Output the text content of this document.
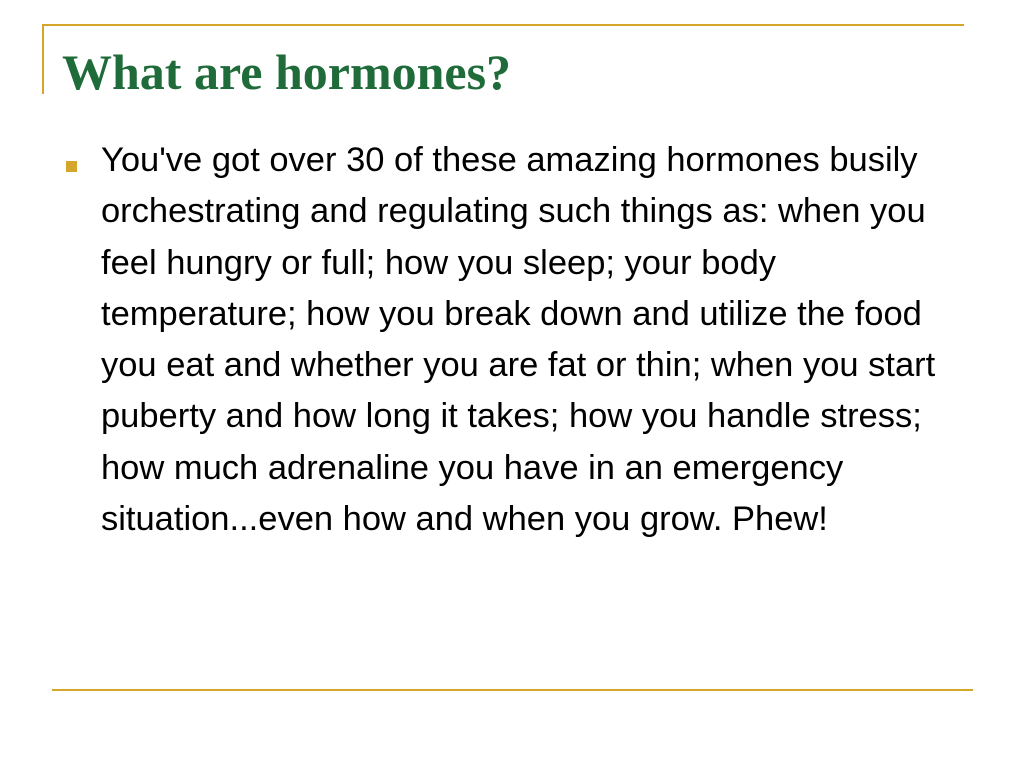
What are hormones?
You've got over 30 of these amazing hormones busily orchestrating and regulating such things as: when you feel hungry or full; how you sleep; your body temperature; how you break down and utilize the food you eat and whether you are fat or thin; when you start puberty and how long it takes; how you handle stress; how much adrenaline you have in an emergency situation...even how and when you grow. Phew!
